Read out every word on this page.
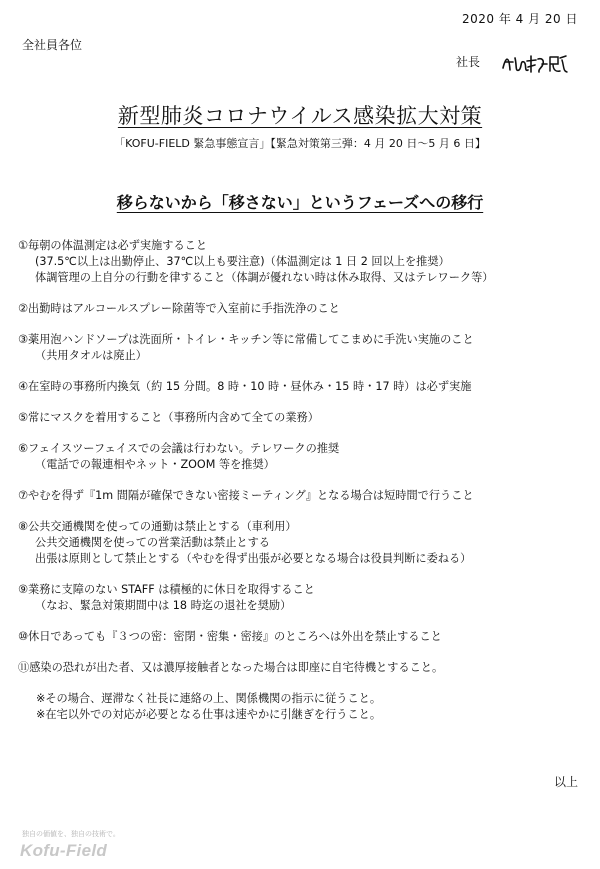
2020 年 4 月 20 日
全社員各位
社長
新型肺炎コロナウイルス感染拡大対策
「KOFU-FIELD 緊急事態宣言」【緊急対策第三弾：4 月 20 日〜5 月 6 日】
移らないから「移さない」というフェーズへの移行
①毎朝の体温測定は必ず実施すること
(37.5℃以上は出勤停止、37℃以上も要注意)（体温測定は 1 日 2 回以上を推奨）
体調管理の上自分の行動を律すること（体調が優れない時は休み取得、又はテレワーク等）
②出勤時はアルコールスプレー除菌等で入室前に手指洗浄のこと
③薬用泡ハンドソープは洗面所・トイレ・キッチン等に常備してこまめに手洗い実施のこと
（共用タオルは廃止）
④在室時の事務所内換気（約 15 分間。8 時・10 時・昼休み・15 時・17 時）は必ず実施
⑤常にマスクを着用すること（事務所内含めて全ての業務）
⑥フェイスツーフェイスでの会議は行わない。テレワークの推奨
（電話での報連相やネット・ZOOM 等を推奨）
⑦やむを得ず『1m 間隔が確保できない密接ミーティング』となる場合は短時間で行うこと
⑧公共交通機関を使っての通勤は禁止とする（車利用）
公共交通機関を使っての営業活動は禁止とする
出張は原則として禁止とする（やむを得ず出張が必要となる場合は役員判断に委ねる）
⑨業務に支障のない STAFF は積極的に休日を取得すること
（なお、緊急対策期間中は 18 時迄の退社を奨励）
⑩休日であっても『３つの密：密閉・密集・密接』のところへは外出を禁止すること
⑪感染の恐れが出た者、又は濃厚接触者となった場合は即座に自宅待機とすること。
※その場合、遅滞なく社長に連絡の上、関係機関の指示に従うこと。
※在宅以外での対応が必要となる仕事は速やかに引継ぎを行うこと。
以上
独自の価値を、独自の技術で。
Kofu-Field
